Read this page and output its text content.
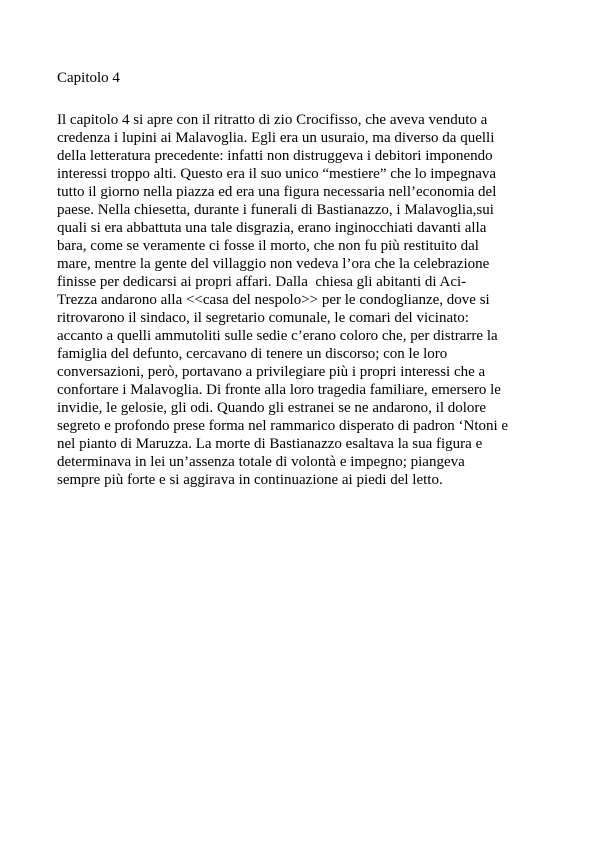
Capitolo 4
Il capitolo 4 si apre con il ritratto di zio Crocifisso, che aveva venduto a
credenza i lupini ai Malavoglia. Egli era un usuraio, ma diverso da quelli
della letteratura precedente: infatti non distruggeva i debitori imponendo
interessi troppo alti. Questo era il suo unico “mestiere” che lo impegnava
tutto il giorno nella piazza ed era una figura necessaria nell’economia del
paese. Nella chiesetta, durante i funerali di Bastianazzo, i Malavoglia,sui
quali si era abbattuta una tale disgrazia, erano inginocchiati davanti alla
bara, come se veramente ci fosse il morto, che non fu più restituito dal
mare, mentre la gente del villaggio non vedeva l’ora che la celebrazione
finisse per dedicarsi ai propri affari. Dalla  chiesa gli abitanti di Aci-
Trezza andarono alla <<casa del nespolo>> per le condoglianze, dove si
ritrovarono il sindaco, il segretario comunale, le comari del vicinato:
accanto a quelli ammutoliti sulle sedie c’erano coloro che, per distrarre la
famiglia del defunto, cercavano di tenere un discorso; con le loro
conversazioni, però, portavano a privilegiare più i propri interessi che a
confortare i Malavoglia. Di fronte alla loro tragedia familiare, emersero le
invidie, le gelosie, gli odi. Quando gli estranei se ne andarono, il dolore
segreto e profondo prese forma nel rammarico disperato di padron ‘Ntoni e
nel pianto di Maruzza. La morte di Bastianazzo esaltava la sua figura e
determinava in lei un’assenza totale di volontà e impegno; piangeva
sempre più forte e si aggirava in continuazione ai piedi del letto.
